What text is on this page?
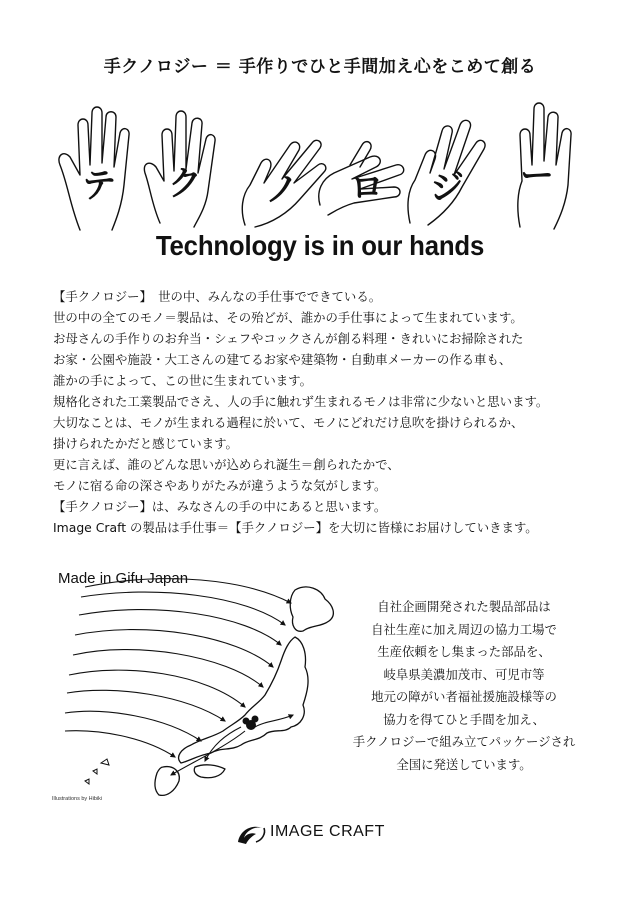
手クノロジー ＝ 手作りでひと手間加え心をこめて創る
テ ク ノ ロ ジ ー
Technology is in our hands
【手クノロジー】　世の中、みんなの手仕事でできている。
世の中の全てのモノ＝製品は、その殆どが、誰かの手仕事によって生まれています。
お母さんの手作りのお弁当・シェフやコックさんが創る料理・きれいにお掃除された
お家・公園や施設・大工さんの建てるお家や建築物・自動車メーカーの作る車も、
誰かの手によって、この世に生まれています。
規格化された工業製品でさえ、人の手に触れず生まれるモノは非常に少ないと思います。
大切なことは、モノが生まれる過程に於いて、モノにどれだけ息吹を掛けられるか、
掛けられたかだと感じています。
更に言えば、誰のどんな思いが込められ誕生＝創られたかで、
モノに宿る命の深さやありがたみが違うような気がします。
【手クノロジー】は、みなさんの手の中にあると思います。
Image Craft の製品は手仕事＝【手クノロジー】を大切に皆様にお届けしていきます。
Made in Gifu Japan
Illustrations by Hibiki
自社企画開発された製品部品は
自社生産に加え周辺の協力工場で
生産依頼をし集まった部品を、
岐阜県美濃加茂市、可児市等
地元の障がい者福祉援施設様等の
協力を得てひと手間を加え、
手クノロジーで組み立てパッケージされ
全国に発送しています。
IMAGE CRAFT
